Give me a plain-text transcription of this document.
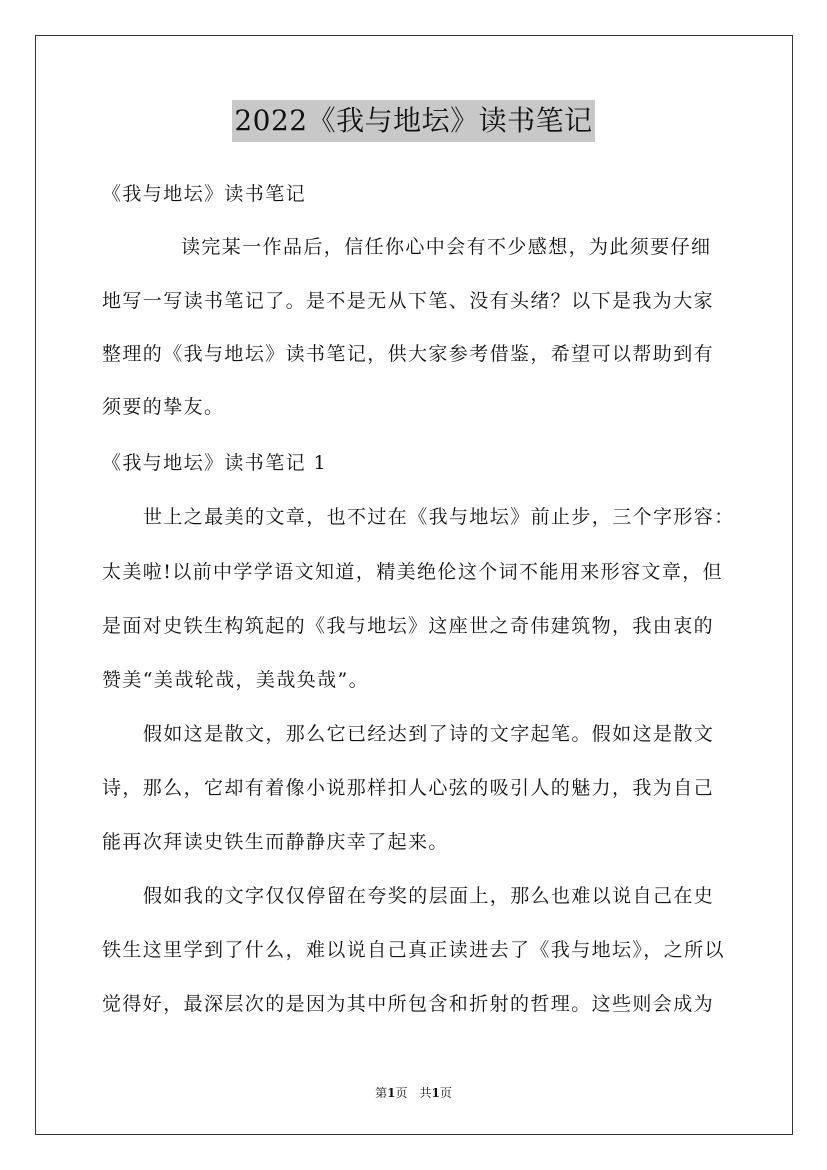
2022《我与地坛》读书笔记
《我与地坛》读书笔记
读完某一作品后，信任你心中会有不少感想，为此须要仔细
地写一写读书笔记了。是不是无从下笔、没有头绪？以下是我为大家
整理的《我与地坛》读书笔记，供大家参考借鉴，希望可以帮助到有
须要的挚友。
《我与地坛》读书笔记 1
世上之最美的文章，也不过在《我与地坛》前止步，三个字形容：
太美啦!以前中学学语文知道，精美绝伦这个词不能用来形容文章，但
是面对史铁生构筑起的《我与地坛》这座世之奇伟建筑物，我由衷的
赞美“美哉轮哉，美哉奂哉”。
假如这是散文，那么它已经达到了诗的文字起笔。假如这是散文
诗，那么，它却有着像小说那样扣人心弦的吸引人的魅力，我为自己
能再次拜读史铁生而静静庆幸了起来。
假如我的文字仅仅停留在夸奖的层面上，那么也难以说自己在史
铁生这里学到了什么，难以说自己真正读进去了《我与地坛》，之所以
觉得好，最深层次的是因为其中所包含和折射的哲理。这些则会成为
第1页　共1页
